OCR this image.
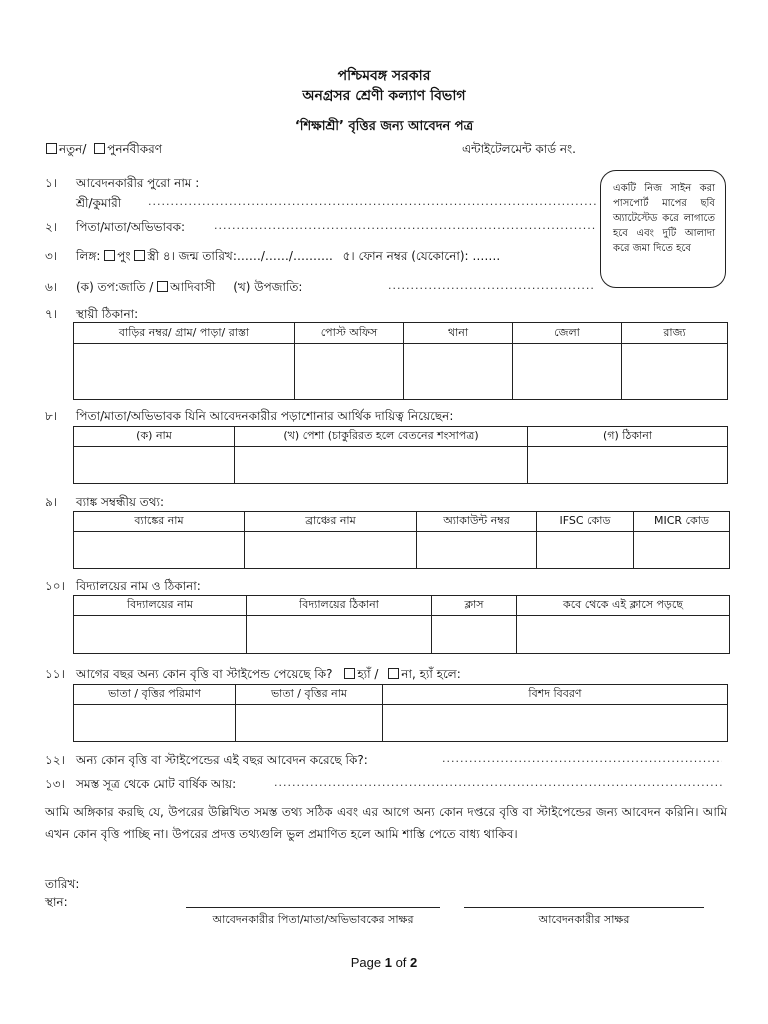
পশ্চিমবঙ্গ সরকার
অনগ্রসর শ্রেণী কল্যাণ বিভাগ
‘শিক্ষাশ্রী’ বৃত্তির জন্য আবেদন পত্র
নতুন/ পুনর্নবীকরণ	এন্টাইটেলমেন্ট কার্ড নং.
একটি নিজ সাইন করা পাসপোর্ট মাপের ছবি অ্যাটেস্টেড করে লাগাতে হবে এবং দুটি আলাদা করে জমা দিতে হবে
১। আবেদনকারীর পুরো নাম :
শ্রী/কুমারী
.....
২। পিতা/মাতা/অভিভাবক:
.....
৩। লিঙ্গ: পুং স্ত্রী ৪। জন্ম তারিখ:……/……/………. ৫। ফোন নম্বর (যেকোনো): …….
৬। (ক) তপ:জাতি / আদিবাসী (খ) উপজাতি:
.....
৭। স্থায়ী ঠিকানা:
বাড়ির নম্বর/ গ্রাম/ পাড়া/ রাস্তা	পোস্ট অফিস	থানা	জেলা	রাজ্য

৮। পিতা/মাতা/অভিভাবক যিনি আবেদনকারীর পড়াশোনার আর্থিক দায়িত্ব নিয়েছেন:
(ক) নাম	(খ) পেশা (চাকুরিরত হলে বেতনের শংসাপত্র)	(গ) ঠিকানা

৯। ব্যাঙ্ক সম্বন্ধীয় তথ্য:
ব্যাঙ্কের নাম	ব্রাঞ্চের নাম	অ্যাকাউন্ট নম্বর	IFSC কোড	MICR কোড

১০। বিদ্যালয়ের নাম ও ঠিকানা:
বিদ্যালয়ের নাম	বিদ্যালয়ের ঠিকানা	ক্লাস	কবে থেকে এই ক্লাসে পড়ছে

১১। আগের বছর অন্য কোন বৃত্তি বা স্টাইপেন্ড পেয়েছে কি? হ্যাঁ / না, হ্যাঁ হলে:
ভাতা / বৃত্তির পরিমাণ	ভাতা / বৃত্তির নাম	বিশদ বিবরণ

১২। অন্য কোন বৃত্তি বা স্টাইপেন্ডের এই বছর আবেদন করেছে কি?:
.....
১৩। সমস্ত সূত্র থেকে মোট বার্ষিক আয়:
.....
আমি অঙ্গিকার করছি যে, উপরের উল্লিখিত সমস্ত তথ্য সঠিক এবং এর আগে অন্য কোন দপ্তরে বৃত্তি বা স্টাইপেন্ডের জন্য আবেদন করিনি। আমি এখন কোন বৃত্তি পাচ্ছি না। উপরের প্রদত্ত তথ্যগুলি ভুল প্রমাণিত হলে আমি শাস্তি পেতে বাধ্য থাকিব।
তারিখ:
স্থান:
আবেদনকারীর পিতা/মাতা/অভিভাবকের সাক্ষর	আবেদনকারীর সাক্ষর
Page 1 of 2
